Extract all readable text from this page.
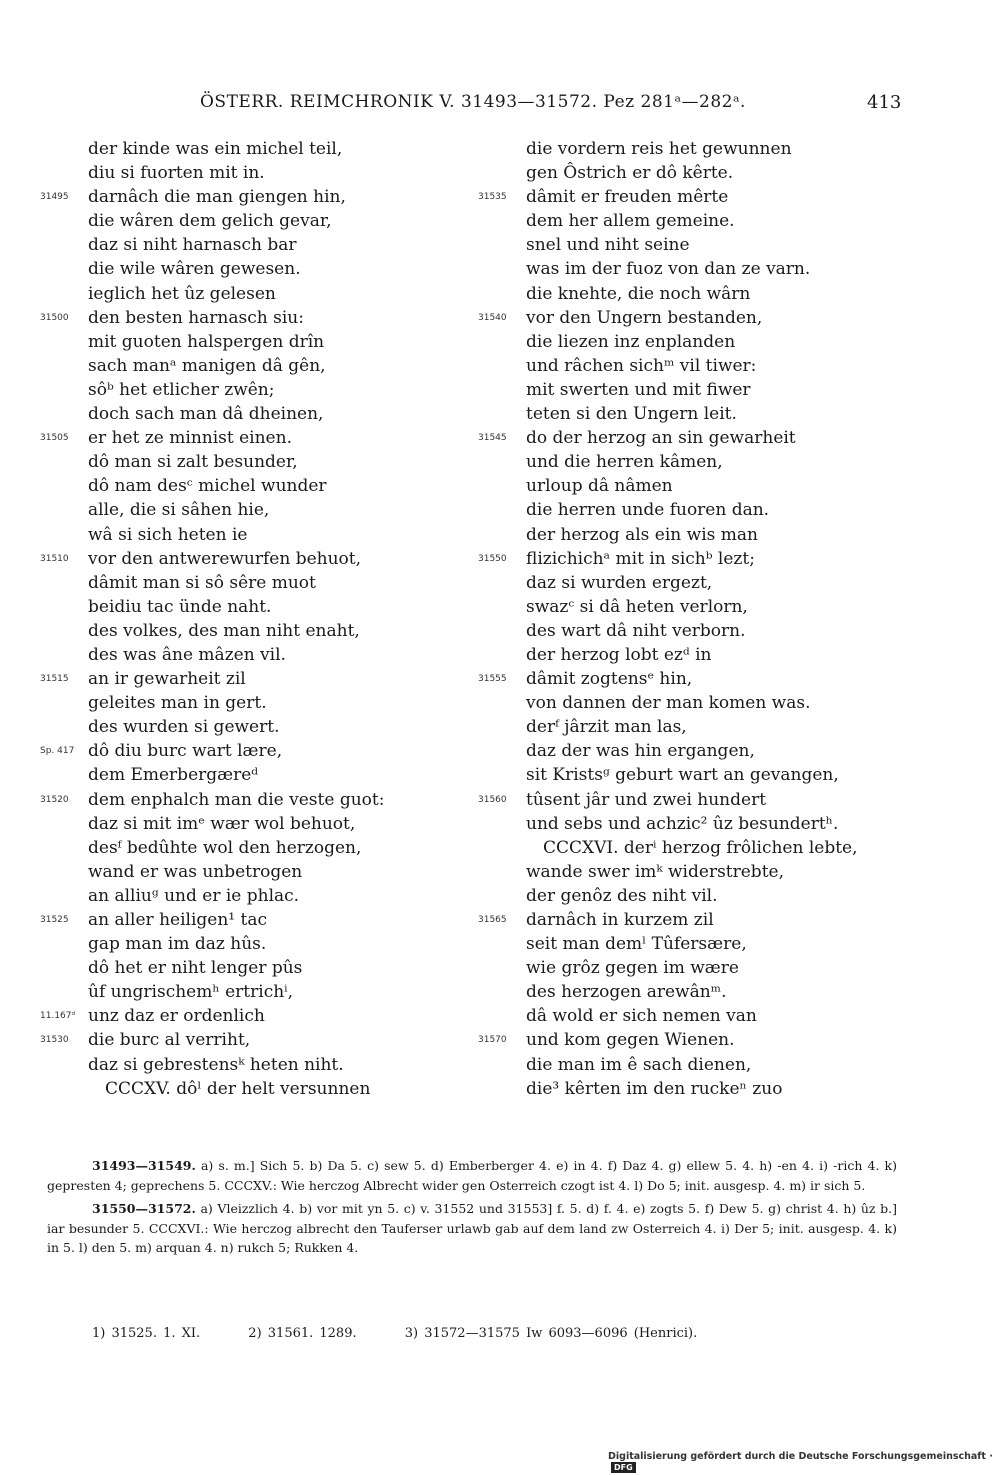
ÖSTERR. REIMCHRONIK V. 31493—31572. Pez 281ᵃ—282ᵃ.	413
der kinde was ein michel teil,
diu si fuorten mit in.
31495	darnâch die man giengen hin,
die wâren dem gelich gevar,
daz si niht harnasch bar
die wile wâren gewesen.
ieglich het ûz gelesen
31500	den besten harnasch siu:
mit guoten halspergen drîn
sach manᵃ manigen dâ gên,
sôᵇ het etlicher zwên;
doch sach man dâ dheinen,
31505	er het ze minnist einen.
dô man si zalt besunder,
dô nam desᶜ michel wunder
alle, die si sâhen hie,
wâ si sich heten ie
31510	vor den antwerewurfen behuot,
dâmit man si sô sêre muot
beidiu tac ünde naht.
des volkes, des man niht enaht,
des was âne mâzen vil.
31515	an ir gewarheit zil
geleites man in gert.
des wurden si gewert.
Sp. 417 dô diu burc wart lære,
dem Emerbergæreᵈ
31520	dem enphalch man die veste guot:
daz si mit imᵉ wær wol behuot,
desᶠ bedûhte wol den herzogen,
wand er was unbetrogen
an alliuᵍ und er ie phlac.
31525	an aller heiligen¹ tac
gap man im daz hûs.
dô het er niht lenger pûs
ûf ungrischemʰ ertrichⁱ,
11.167ᵈ unz daz er ordenlich
31530	die burc al verriht,
daz si gebrestensᵏ heten niht.
CCCXV. dôˡ der helt versunnen
die vordern reis het gewunnen
gen Ôstrich er dô kêrte.
31535	dâmit er freuden mêrte
dem her allem gemeine.
snel und niht seine
was im der fuoz von dan ze varn.
die knehte, die noch wârn
31540	vor den Ungern bestanden,
die liezen inz enplanden
und râchen sichᵐ vil tiwer:
mit swerten und mit fiwer
teten si den Ungern leit.
31545	do der herzog an sin gewarheit
und die herren kâmen,
urloup dâ nâmen
die herren unde fuoren dan.
der herzog als ein wis man
31550	flizichichᵃ mit in sichᵇ lezt;
daz si wurden ergezt,
swazᶜ si dâ heten verlorn,
des wart dâ niht verborn.
der herzog lobt ezᵈ in
31555	dâmit zogtensᵉ hin,
von dannen der man komen was.
derᶠ jârzit man las,
daz der was hin ergangen,
sit Kristsᵍ geburt wart an gevangen,
31560	tûsent jâr und zwei hundert
und sebs und achzic² ûz besundertʰ.
CCCXVI. derⁱ herzog frôlichen lebte,
wande swer imᵏ widerstrebte,
der genôz des niht vil.
31565	darnâch in kurzem zil
seit man demˡ Tûfersære,
wie grôz gegen im wære
des herzogen arewânᵐ.
dâ wold er sich nemen van
31570	und kom gegen Wienen.
die man im ê sach dienen,
die³ kêrten im den ruckeⁿ zuo

31493—31549. a) s. m.] Sich 5. b) Da 5. c) sew 5. d) Emberberger 4. e) in 4. f) Daz 4. g) ellew 5. 4. h) -en 4. i) -rich 4. k) gepresten 4; geprechens 5. CCCXV.: Wie herczog Albrecht wider gen Osterreich czogt ist 4. l) Do 5; init. ausgesp. 4. m) ir sich 5.

31550—31572. a) Vleizzlich 4. b) vor mit yn 5. c) v. 31552 und 31553] f. 5. d) f. 4. e) zogts 5. f) Dew 5. g) christ 4. h) ûz b.] iar besunder 5. CCCXVI.: Wie herczog albrecht den Tauferser urlawb gab auf dem land zw Osterreich 4. i) Der 5; init. ausgesp. 4. k) in 5. l) den 5. m) arquan 4. n) rukch 5; Rukken 4.

1) 31525. 1. XI.	2) 31561. 1289.	3) 31572—31575 Iw 6093—6096 (Henrici).
Digitalisierung gefördert durch die Deutsche Forschungsgemeinschaft · DFG
